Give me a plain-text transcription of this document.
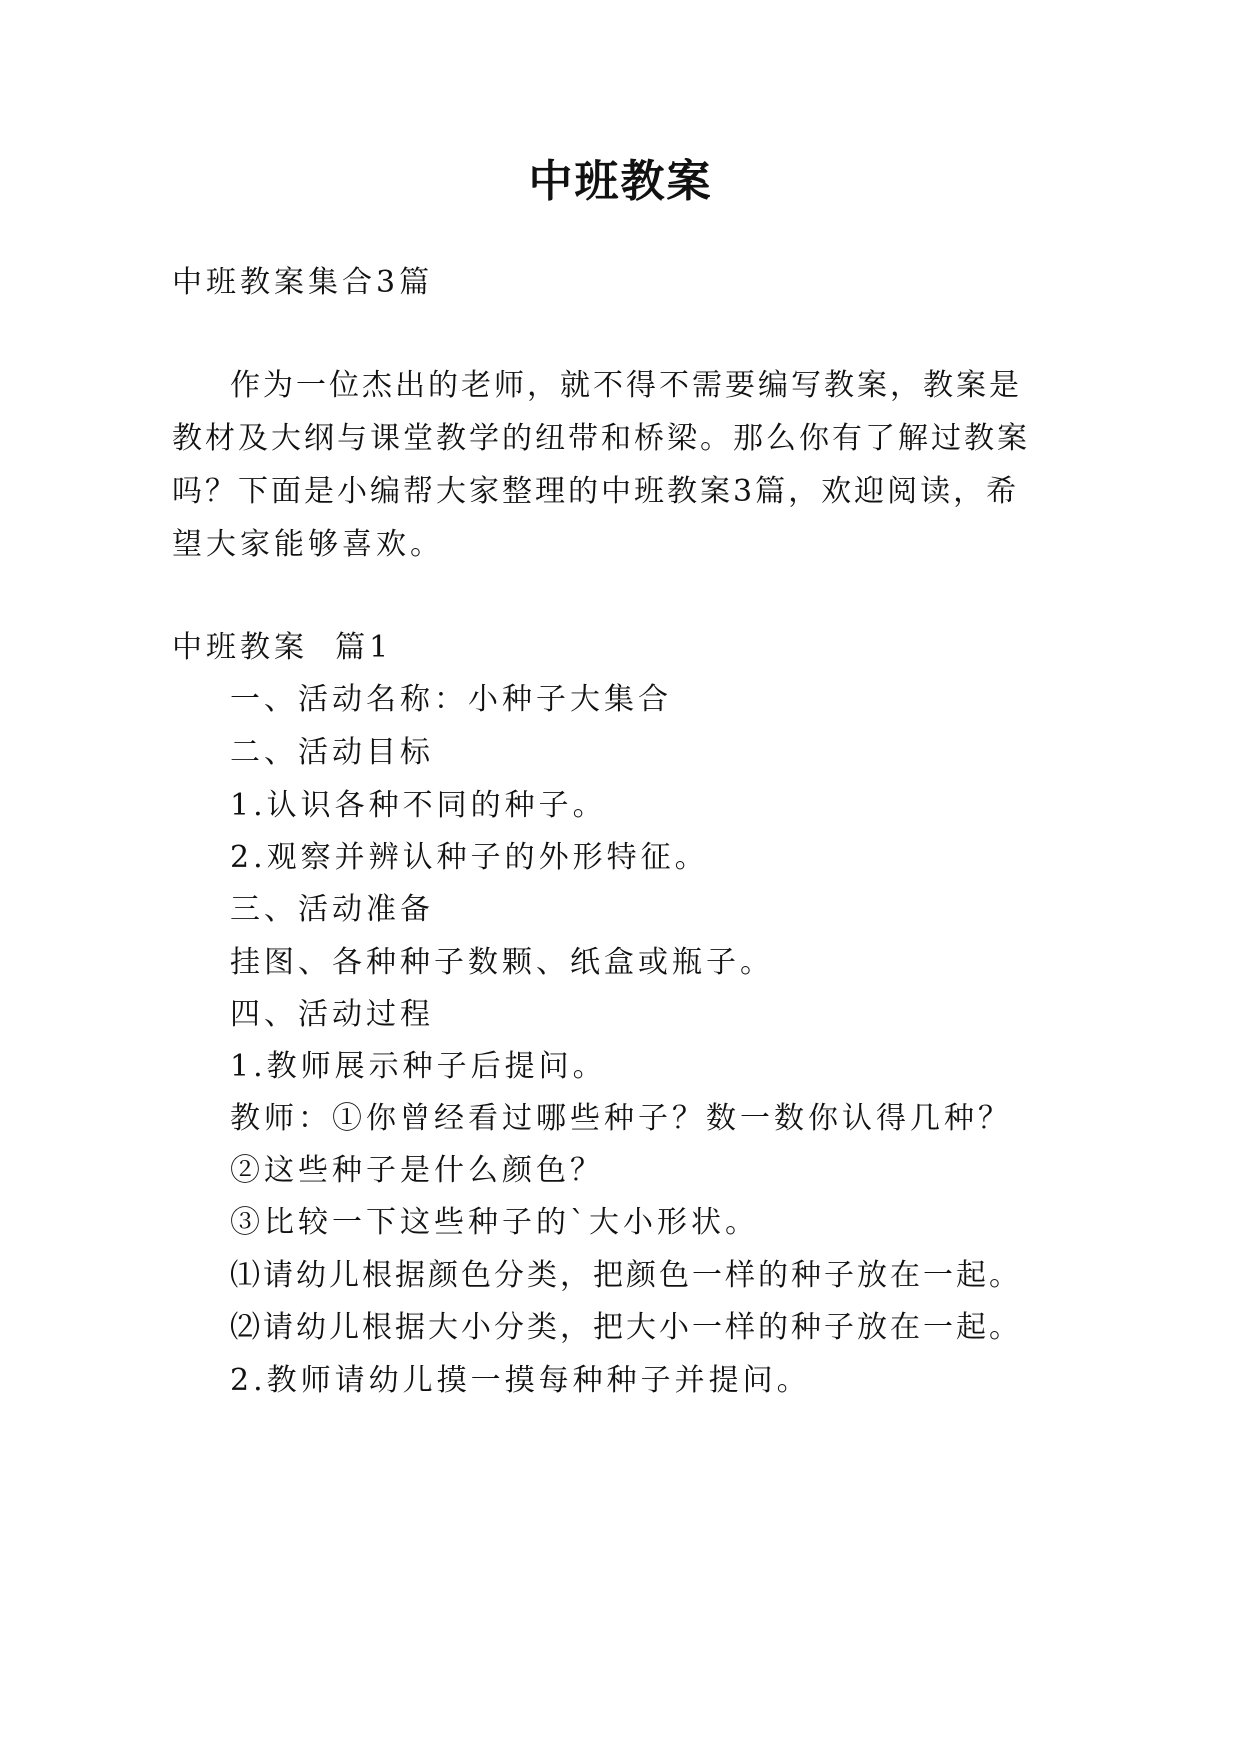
中班教案
中班教案集合3篇
作为一位杰出的老师，就不得不需要编写教案，教案是
教材及大纲与课堂教学的纽带和桥梁。那么你有了解过教案
吗？下面是小编帮大家整理的中班教案3篇，欢迎阅读，希
望大家能够喜欢。
中班教案  篇1
一、活动名称：小种子大集合
二、活动目标
1.认识各种不同的种子。
2.观察并辨认种子的外形特征。
三、活动准备
挂图、各种种子数颗、纸盒或瓶子。
四、活动过程
1.教师展示种子后提问。
教师：①你曾经看过哪些种子？数一数你认得几种？
②这些种子是什么颜色？
③比较一下这些种子的`大小形状。
⑴请幼儿根据颜色分类，把颜色一样的种子放在一起。
⑵请幼儿根据大小分类，把大小一样的种子放在一起。
2.教师请幼儿摸一摸每种种子并提问。
